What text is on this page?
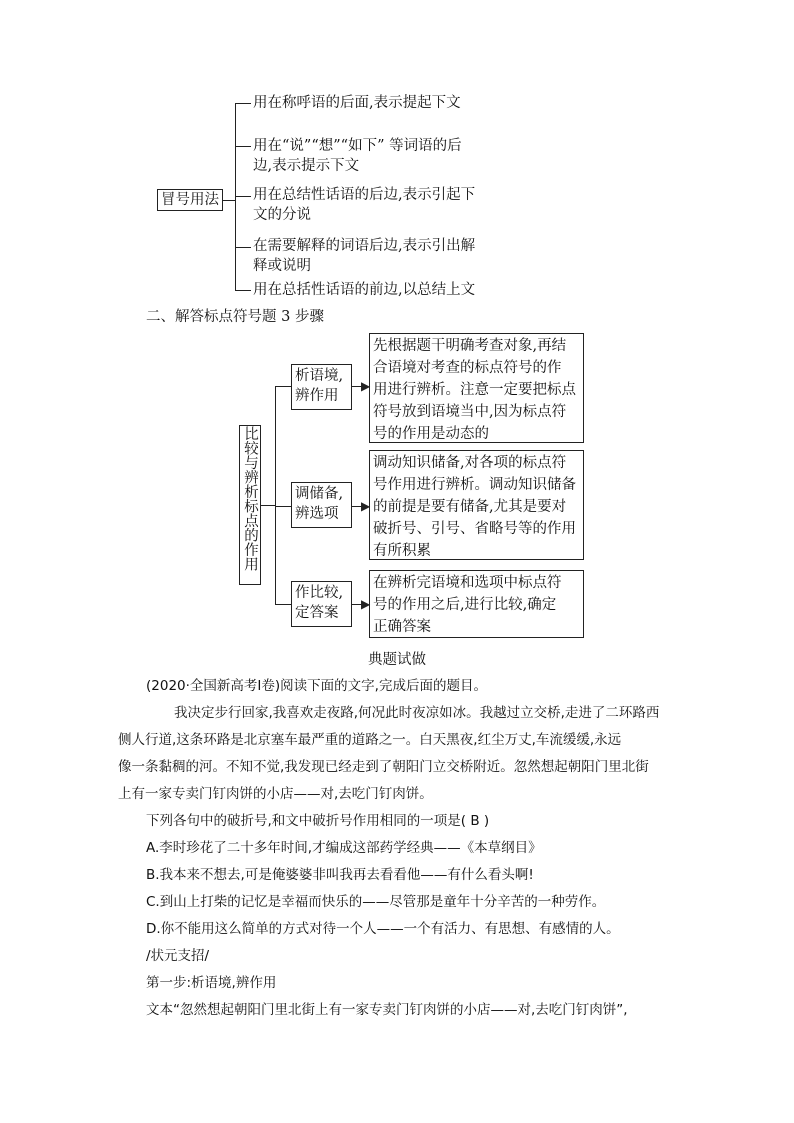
冒号用法
用在称呼语的后面,表示提起下文
用在“说”“想”“如下” 等词语的后
边,表示提示下文
用在总结性话语的后边,表示引起下
文的分说
在需要解释的词语后边,表示引出解
释或说明
用在总括性话语的前边,以总结上文
二、解答标点符号题 3 步骤
比较与辨析标点的作用
析语境,
辨作用
▶
先根据题干明确考查对象,再结
合语境对考查的标点符号的作
用进行辨析。注意一定要把标点
符号放到语境当中,因为标点符
号的作用是动态的
调储备,
辨选项	▶
调动知识储备,对各项的标点符
号作用进行辨析。调动知识储备
的前提是要有储备,尤其是要对
破折号、引号、省略号等的作用
有所积累
作比较,
定答案
▶
在辨析完语境和选项中标点符
号的作用之后,进行比较,确定
正确答案
典题试做
(2020·全国新高考Ⅰ卷)阅读下面的文字,完成后面的题目。
我决定步行回家,我喜欢走夜路,何况此时夜凉如冰。我越过立交桥,走进了二环路西
侧人行道,这条环路是北京塞车最严重的道路之一。白天黑夜,红尘万丈,车流缓缓,永远
像一条黏稠的河。不知不觉,我发现已经走到了朝阳门立交桥附近。忽然想起朝阳门里北街
上有一家专卖门钉肉饼的小店——对,去吃门钉肉饼。
下列各句中的破折号,和文中破折号作用相同的一项是( B )
A.李时珍花了二十多年时间,才编成这部药学经典——《本草纲目》
B.我本来不想去,可是俺婆婆非叫我再去看看他——有什么看头啊!
C.到山上打柴的记忆是幸福而快乐的——尽管那是童年十分辛苦的一种劳作。
D.你不能用这么简单的方式对待一个人——一个有活力、有思想、有感情的人。
/状元支招/
第一步:析语境,辨作用
文本“忽然想起朝阳门里北街上有一家专卖门钉肉饼的小店——对,去吃门钉肉饼”,
